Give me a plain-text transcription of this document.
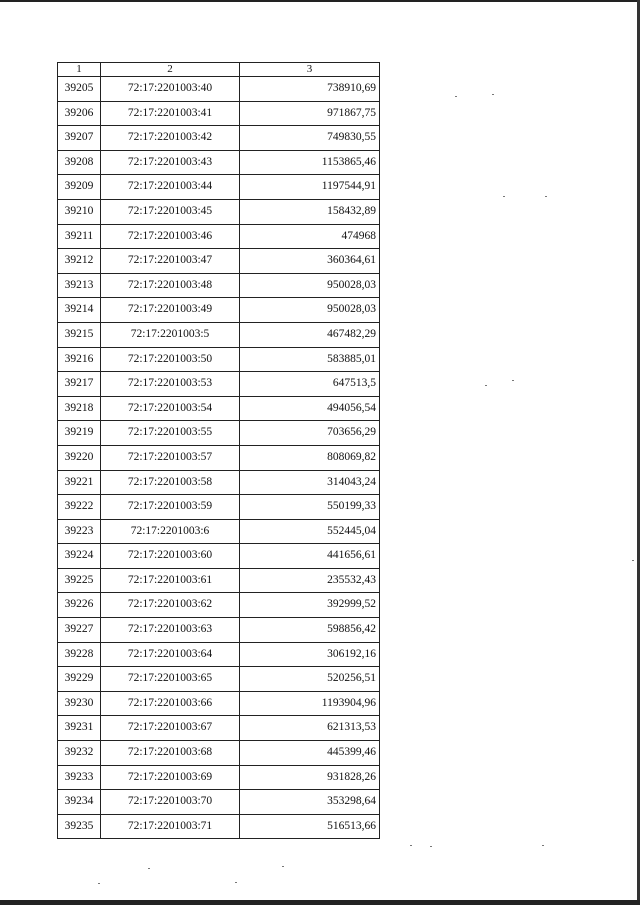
1	2	3
39205	72:17:2201003:40	738910,69
39206	72:17:2201003:41	971867,75
39207	72:17:2201003:42	749830,55
39208	72:17:2201003:43	1153865,46
39209	72:17:2201003:44	1197544,91
39210	72:17:2201003:45	158432,89
39211	72:17:2201003:46	474968
39212	72:17:2201003:47	360364,61
39213	72:17:2201003:48	950028,03
39214	72:17:2201003:49	950028,03
39215	72:17:2201003:5	467482,29
39216	72:17:2201003:50	583885,01
39217	72:17:2201003:53	647513,5
39218	72:17:2201003:54	494056,54
39219	72:17:2201003:55	703656,29
39220	72:17:2201003:57	808069,82
39221	72:17:2201003:58	314043,24
39222	72:17:2201003:59	550199,33
39223	72:17:2201003:6	552445,04
39224	72:17:2201003:60	441656,61
39225	72:17:2201003:61	235532,43
39226	72:17:2201003:62	392999,52
39227	72:17:2201003:63	598856,42
39228	72:17:2201003:64	306192,16
39229	72:17:2201003:65	520256,51
39230	72:17:2201003:66	1193904,96
39231	72:17:2201003:67	621313,53
39232	72:17:2201003:68	445399,46
39233	72:17:2201003:69	931828,26
39234	72:17:2201003:70	353298,64
39235	72:17:2201003:71	516513,66
